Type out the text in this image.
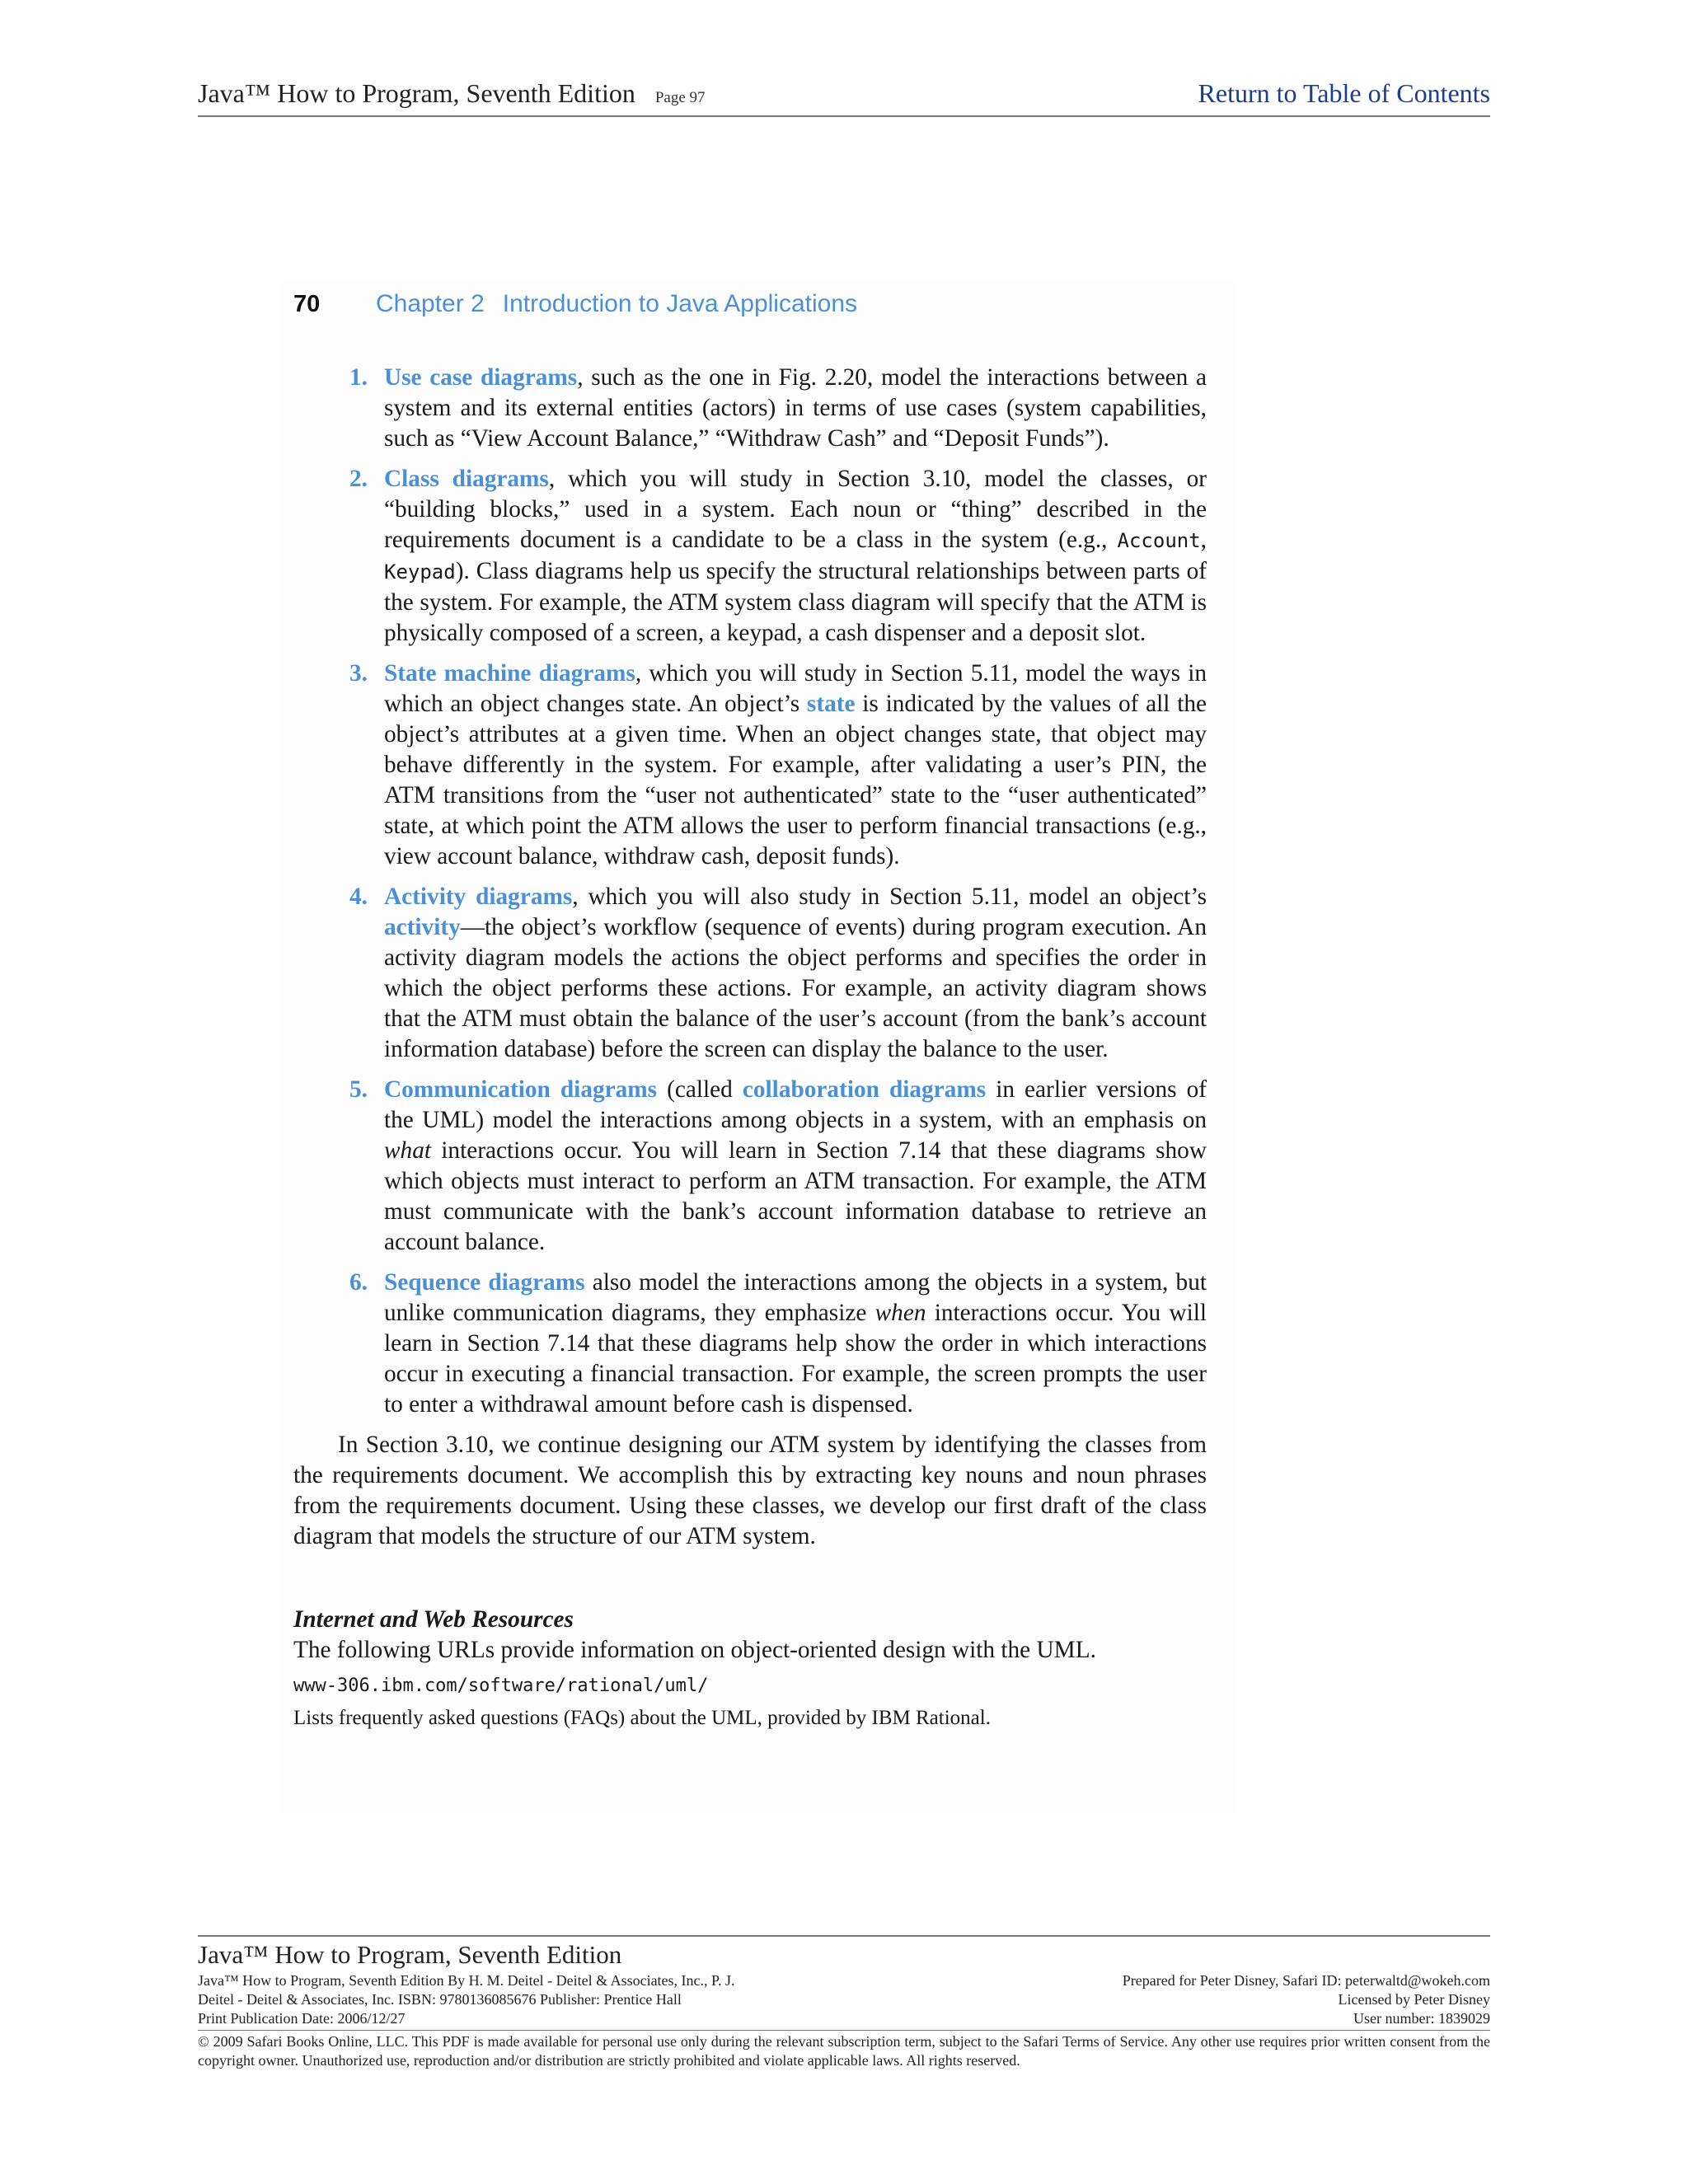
Java™ How to Program, Seventh Edition Page 97	Return to Table of Contents
70 Chapter 2 Introduction to Java Applications
1. Use case diagrams, such as the one in Fig. 2.20, model the interactions between a system and its external entities (actors) in terms of use cases (system capabilities, such as “View Account Balance,” “Withdraw Cash” and “Deposit Funds”).
2. Class diagrams, which you will study in Section 3.10, model the classes, or “building blocks,” used in a system. Each noun or “thing” described in the requirements document is a candidate to be a class in the system (e.g., Account, Keypad). Class diagrams help us specify the structural relationships between parts of the system. For example, the ATM system class diagram will specify that the ATM is physically composed of a screen, a keypad, a cash dispenser and a deposit slot.
3. State machine diagrams, which you will study in Section 5.11, model the ways in which an object changes state. An object’s state is indicated by the values of all the object’s attributes at a given time. When an object changes state, that object may behave differently in the system. For example, after validating a user’s PIN, the ATM transitions from the “user not authenticated” state to the “user authenticated” state, at which point the ATM allows the user to perform financial transactions (e.g., view account balance, withdraw cash, deposit funds).
4. Activity diagrams, which you will also study in Section 5.11, model an object’s activity—the object’s workflow (sequence of events) during program execution. An activity diagram models the actions the object performs and specifies the order in which the object performs these actions. For example, an activity diagram shows that the ATM must obtain the balance of the user’s account (from the bank’s account information database) before the screen can display the balance to the user.
5. Communication diagrams (called collaboration diagrams in earlier versions of the UML) model the interactions among objects in a system, with an emphasis on what interactions occur. You will learn in Section 7.14 that these diagrams show which objects must interact to perform an ATM transaction. For example, the ATM must communicate with the bank’s account information database to retrieve an account balance.
6. Sequence diagrams also model the interactions among the objects in a system, but unlike communication diagrams, they emphasize when interactions occur. You will learn in Section 7.14 that these diagrams help show the order in which interactions occur in executing a financial transaction. For example, the screen prompts the user to enter a withdrawal amount before cash is dispensed.

In Section 3.10, we continue designing our ATM system by identifying the classes from the requirements document. We accomplish this by extracting key nouns and noun phrases from the requirements document. Using these classes, we develop our first draft of the class diagram that models the structure of our ATM system.

Internet and Web Resources
The following URLs provide information on object-oriented design with the UML.
www-306.ibm.com/software/rational/uml/
Lists frequently asked questions (FAQs) about the UML, provided by IBM Rational.
Java™ How to Program, Seventh Edition
Java™ How to Program, Seventh Edition By H. M. Deitel - Deitel & Associates, Inc., P. J.	Prepared for Peter Disney, Safari ID: peterwaltd@wokeh.com
Deitel - Deitel & Associates, Inc. ISBN: 9780136085676 Publisher: Prentice Hall	Licensed by Peter Disney
Print Publication Date: 2006/12/27	User number: 1839029
© 2009 Safari Books Online, LLC. This PDF is made available for personal use only during the relevant subscription term, subject to the Safari Terms of Service. Any other use requires prior written consent from the copyright owner. Unauthorized use, reproduction and/or distribution are strictly prohibited and violate applicable laws. All rights reserved.
